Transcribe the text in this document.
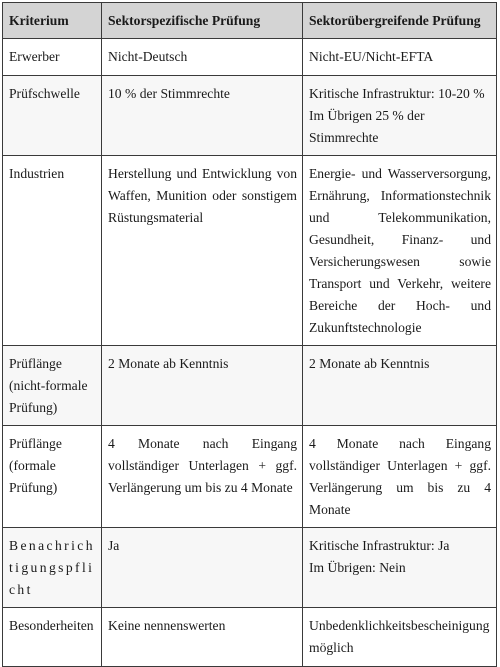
Kriterium	Sektorspezifische Prüfung	Sektorübergreifende Prüfung
Erwerber	Nicht-Deutsch	Nicht-EU/Nicht-EFTA
Prüfschwelle	10 % der Stimmrechte	Kritische Infrastruktur: 10-20 %
Im Übrigen 25 % der Stimmrechte
Industrien	Herstellung und Entwicklung von Waffen, Munition oder sonstigem Rüstungsmaterial	Energie- und Wasserversorgung, Ernährung, Informationstechnik und Telekommunikation, Gesundheit, Finanz- und Versicherungswesen sowie Transport und Verkehr, weitere Bereiche der Hoch- und Zukunftstechnologie
Prüflänge (nicht-formale Prüfung)	2 Monate ab Kenntnis	2 Monate ab Kenntnis
Prüflänge (formale Prüfung)	4 Monate nach Eingang vollständiger Unterlagen + ggf. Verlängerung um bis zu 4 Monate	4 Monate nach Eingang vollständiger Unterlagen + ggf. Verlängerung um bis zu 4 Monate
Benachrichtigungspflicht	Ja	Kritische Infrastruktur: Ja
Im Übrigen: Nein
Besonderheiten	Keine nennenswerten	Unbedenklichkeitsbescheinigung möglich
